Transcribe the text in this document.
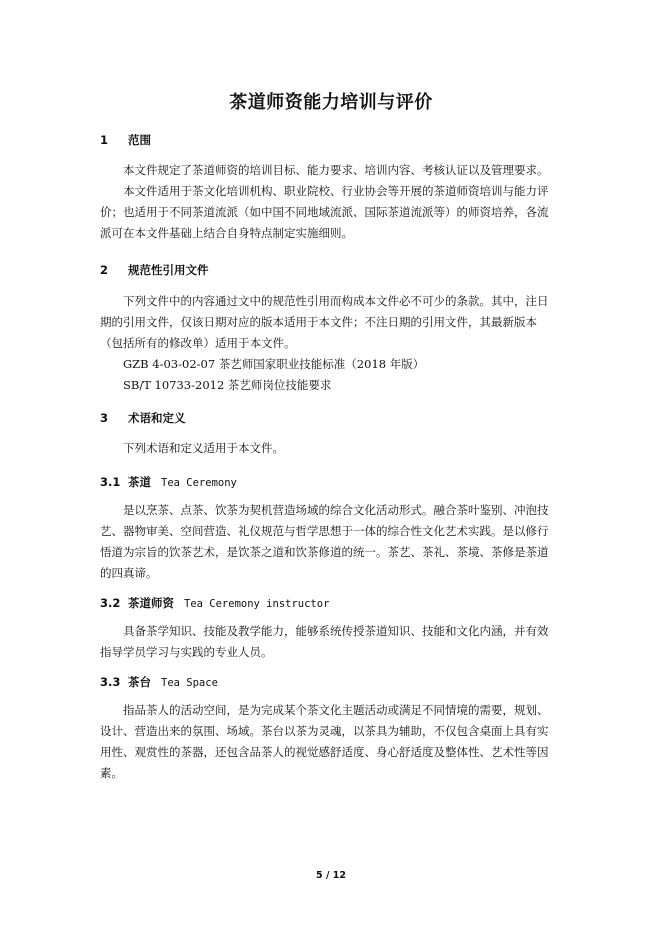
茶道师资能力培训与评价
1 范围
本文件规定了茶道师资的培训目标、能力要求、培训内容、考核认证以及管理要求。
本文件适用于茶文化培训机构、职业院校、行业协会等开展的茶道师资培训与能力评
价；也适用于不同茶道流派（如中国不同地域流派、国际茶道流派等）的师资培养，各流
派可在本文件基础上结合自身特点制定实施细则。
2 规范性引用文件
下列文件中的内容通过文中的规范性引用而构成本文件必不可少的条款。其中，注日
期的引用文件，仅该日期对应的版本适用于本文件；不注日期的引用文件，其最新版本
（包括所有的修改单）适用于本文件。
GZB 4-03-02-07 茶艺师国家职业技能标准（2018 年版）
SB/T 10733-2012 茶艺师岗位技能要求
3 术语和定义
下列术语和定义适用于本文件。
3.1 茶道 Tea Ceremony
是以烹茶、点茶、饮茶为契机营造场域的综合文化活动形式。融合茶叶鉴别、冲泡技
艺、器物审美、空间营造、礼仪规范与哲学思想于一体的综合性文化艺术实践。是以修行
悟道为宗旨的饮茶艺术，是饮茶之道和饮茶修道的统一。茶艺、茶礼、茶境、茶修是茶道
的四真谛。
3.2 茶道师资 Tea Ceremony instructor
具备茶学知识、技能及教学能力，能够系统传授茶道知识、技能和文化内涵，并有效
指导学员学习与实践的专业人员。
3.3 茶台 Tea Space
指品茶人的活动空间，是为完成某个茶文化主题活动或满足不同情境的需要，规划、
设计、营造出来的氛围、场域。茶台以茶为灵魂，以茶具为辅助，不仅包含桌面上具有实
用性、观赏性的茶器，还包含品茶人的视觉感舒适度、身心舒适度及整体性、艺术性等因
素。
5 / 12
